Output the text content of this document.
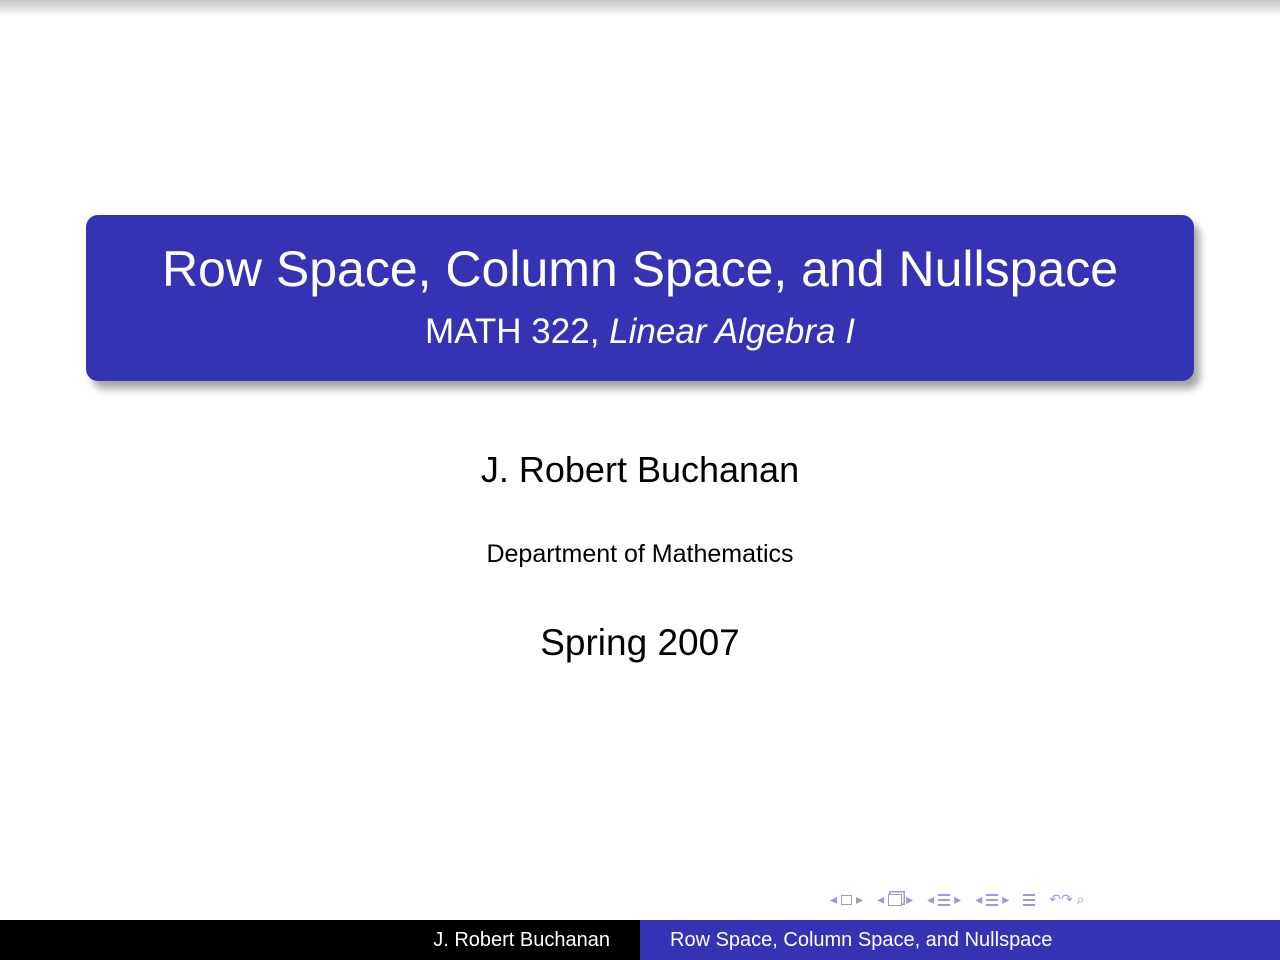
Row Space, Column Space, and Nullspace
MATH 322, Linear Algebra I
J. Robert Buchanan
Department of Mathematics
Spring 2007
◂ ▸ ◂ ▸ ◂ ▸ ◂ ▸	↶↷ ⌕
J. Robert Buchanan	Row Space, Column Space, and Nullspace
